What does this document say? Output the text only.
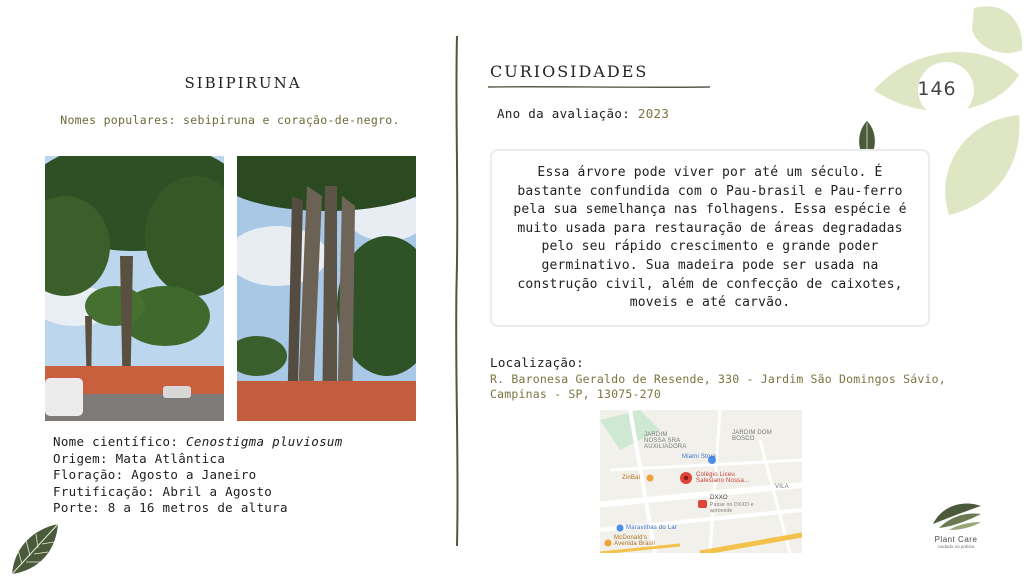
146
SIBIPIRUNA
Nomes populares: sebipiruna e coração-de-negro.
Nome científico: Cenostigma pluviosum
Origem: Mata Atlântica
Floração: Agosto a Janeiro
Frutificação: Abril a Agosto
Porte: 8 a 16 metros de altura
CURIOSIDADES
Ano da avaliação: 2023
Essa árvore pode viver por até um século. É bastante confundida com o Pau-brasil e Pau-ferro pela sua semelhança nas folhagens. Essa espécie é muito usada para restauração de áreas degradadas pelo seu rápido crescimento e grande poder germinativo. Sua madeira pode ser usada na construção civil, além de confecção de caixotes, moveis e até carvão.
Localização:
R. Baronesa Geraldo de Resende, 330 - Jardim São Domingos Sávio, Campinas - SP, 13075-270
JARDIM DOM BOSCO
JARDIM NOSSA SRA AUXILIADORA
Miami Store
Colégio Liceu Salesiano Nossa...
ZinBal
DXXO
Passe no DXXO e aproveite
Maravilhas do Lar
McDonald's Avenida Brasil
VILA
Plant Care
cuidado na prática
